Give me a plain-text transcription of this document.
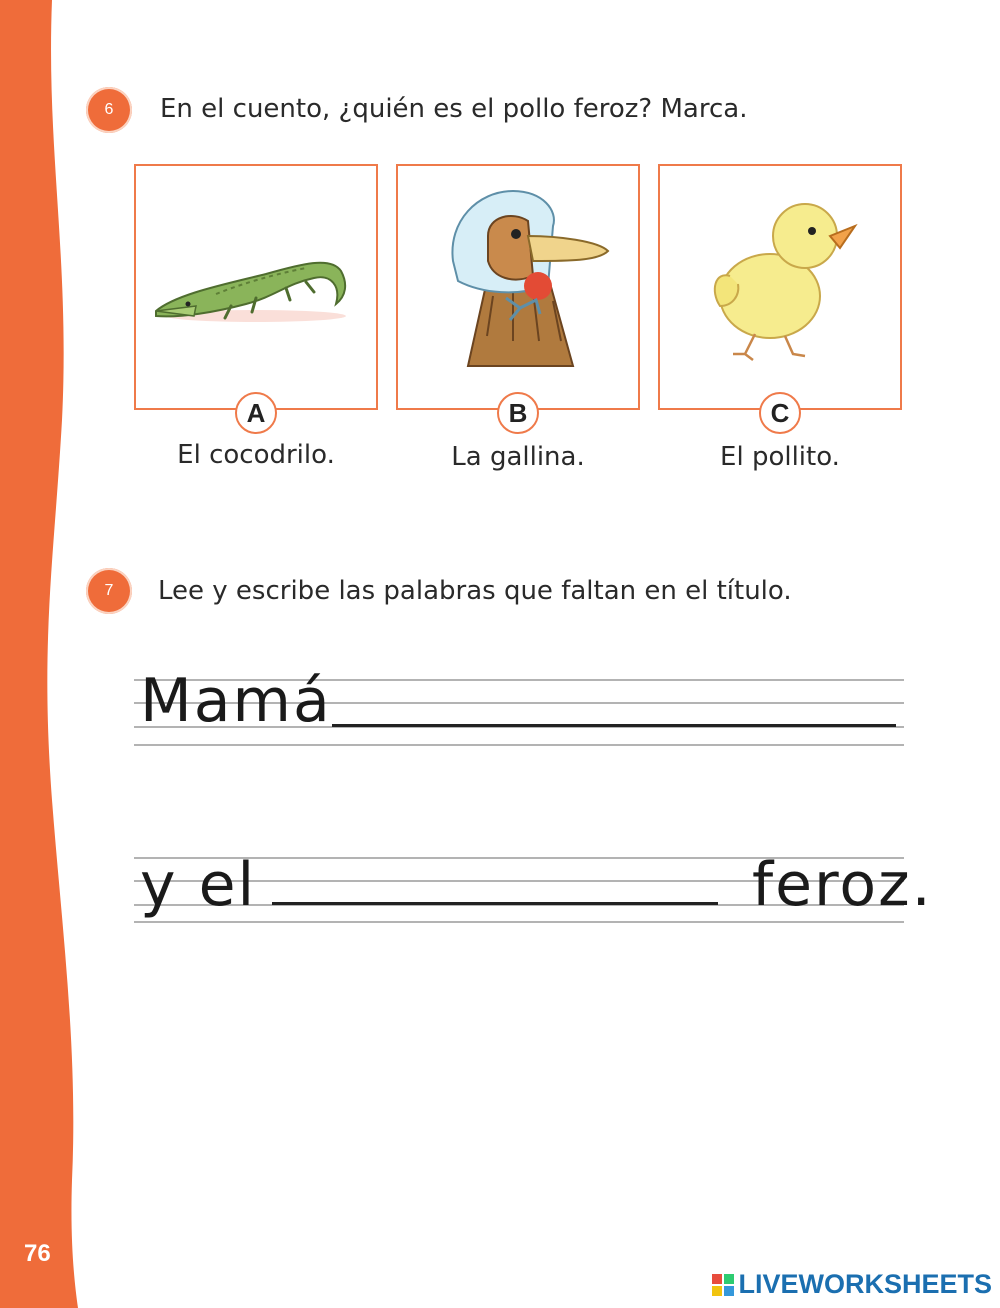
76
6	En el cuento, ¿quién es el pollo feroz? Marca.
A
El cocodrilo.
B
La gallina.
C
El pollito.
7	Lee y escribe las palabras que faltan en el título.
Mamá
y el	feroz.
LIVEWORKSHEETS
